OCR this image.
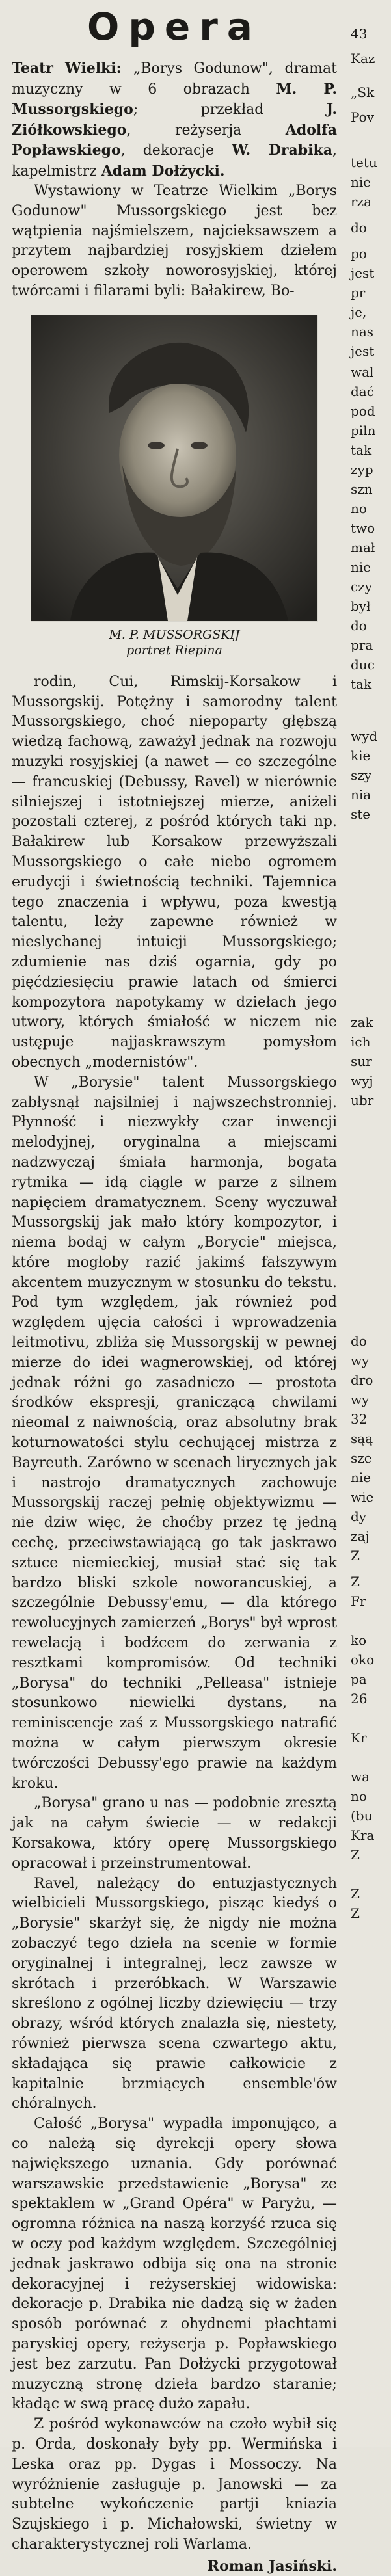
Opera

Teatr Wielki: „Borys Godunow", dramat muzyczny w 6 obrazach M. P. Mussorgskiego; przekład J. Ziółkowskiego, reżyserja Adolfa Popławskiego, dekoracje W. Drabika, kapelmistrz Adam Dołżycki.

Wystawiony w Teatrze Wielkim „Borys Godunow" Mussorgskiego jest bez wątpienia najśmielszem, najcieksawszem a przytem najbardziej rosyjskiem dziełem operowem szkoły noworosyjskiej, której twórcami i filarami byli: Bałakirew, Bo-

M. P. MUSSORGSKIJ
portret Riepina

rodin, Cui, Rimskij-Korsakow i Mussorgskij. Potężny i samorodny talent Mussorgskiego, choć niepoparty głębszą wiedzą fachową, zaważył jednak na rozwoju muzyki rosyjskiej (a nawet — co szczególne — francuskiej (Debussy, Ravel) w nierównie silniejszej i istotniejszej mierze, aniżeli pozostali czterej, z pośród których taki np. Bałakirew lub Korsakow przewyższali Mussorgskiego o całe niebo ogromem erudycji i świetnością techniki. Tajemnica tego znaczenia i wpływu, poza kwestją talentu, leży zapewne również w nieslychanej intuicji Mussorgskiego; zdumienie nas dziś ogarnia, gdy po pięćdziesięciu prawie latach od śmierci kompozytora napotykamy w dziełach jego utwory, których śmiałość w niczem nie ustępuje najjaskrawszym pomysłom obecnych „modernistów".

W „Borysie" talent Mussorgskiego zabłysnął najsilniej i najwszechstronniej. Płynność i niezwykły czar inwencji melodyjnej, oryginalna a miejscami nadzwyczaj śmiała harmonja, bogata rytmika — idą ciągle w parze z silnem napięciem dramatycznem. Sceny wyczuwał Mussorgskij jak mało który kompozytor, i niema bodaj w całym „Borycie" miejsca, które mogłoby razić jakimś fałszywym akcentem muzycznym w stosunku do tekstu. Pod tym względem, jak również pod względem ujęcia całości i wprowadzenia leitmotivu, zbliża się Mussorgskij w pewnej mierze do idei wagnerowskiej, od której jednak różni go zasadniczo — prostota środków ekspresji, graniczącą chwilami nieomal z naiwnością, oraz absolutny brak koturnowatości stylu cechującej mistrza z Bayreuth. Zarówno w scenach lirycznych jak i nastrojo dramatycznych zachowuje Mussorgskij raczej pełnię objektywizmu — nie dziw więc, że choćby przez tę jedną cechę, przeciwstawiającą go tak jaskrawo sztuce niemieckiej, musiał stać się tak bardzo bliski szkole noworancuskiej, a szczególnie Debussy'emu, — dla którego rewolucyjnych zamierzeń „Borys" był wprost rewelacją i bodźcem do zerwania z resztkami kompromisów. Od techniki „Borysa" do techniki „Pelleasa" istnieje stosunkowo niewielki dystans, na reminiscencje zaś z Mussorgskiego natrafić można w całym pierwszym okresie twórczości Debussy'ego prawie na każdym kroku.

„Borysa" grano u nas — podobnie zresztą jak na całym świecie — w redakcji Korsakowa, który operę Mussorgskiego opracował i przeinstrumentował.

Ravel, należący do entuzjastycznych wielbicieli Mussorgskiego, pisząc kiedyś o „Borysie" skarżył się, że nigdy nie można zobaczyć tego dzieła na scenie w formie oryginalnej i integralnej, lecz zawsze w skrótach i przeróbkach. W Warszawie skreślono z ogólnej liczby dziewięciu — trzy obrazy, wśród których znalazła się, niestety, również pierwsza scena czwartego aktu, składająca się prawie całkowicie z kapitalnie brzmiących ensemble'ów chóralnych.

Całość „Borysa" wypadła imponująco, a co należą się dyrekcji opery słowa największego uznania. Gdy porównać warszawskie przedstawienie „Borysa" ze spektaklem w „Grand Opéra" w Paryżu, — ogromna różnica na naszą korzyść rzuca się w oczy pod każdym względem. Szczególniej jednak jaskrawo odbija się ona na stronie dekoracyjnej i reżyserskiej widowiska: dekoracje p. Drabika nie dadzą się w żaden sposób porównać z ohydnemi płachtami paryskiej opery, reżyserja p. Popławskiego jest bez zarzutu. Pan Dołżycki przygotował muzyczną stronę dzieła bardzo staranie; kładąc w swą pracę dużo zapału.

Z pośród wykonawców na czoło wybił się p. Orda, doskonały były pp. Wermińska i Leska oraz pp. Dygas i Mossoczy. Na wyróżnienie zasługuje p. Janowski — za subtelne wykończenie partji kniazia Szujskiego i p. Michałowski, świetny w charakterystycznej roli Warlama.

Roman Jasiński.
43
Kaz
„Sk
Pov
tetu
nie
rza
do
po
jest
pr
je,
nas
jest
wal
dać
pod
piln
tak
zyp
szn
no
two
mał
nie
czy
był
do
pra
duc
tak
wyd
kie
szy
nia
ste
zak
ich
sur
wyj
ubr
do
wy
dro
wy
32
sąą
sze
nie
wie
dy
zaj
Z
Z
Fr
ko
oko
pa
26
Kr
wa
no
(bu
Kra
Z
Z
Z
